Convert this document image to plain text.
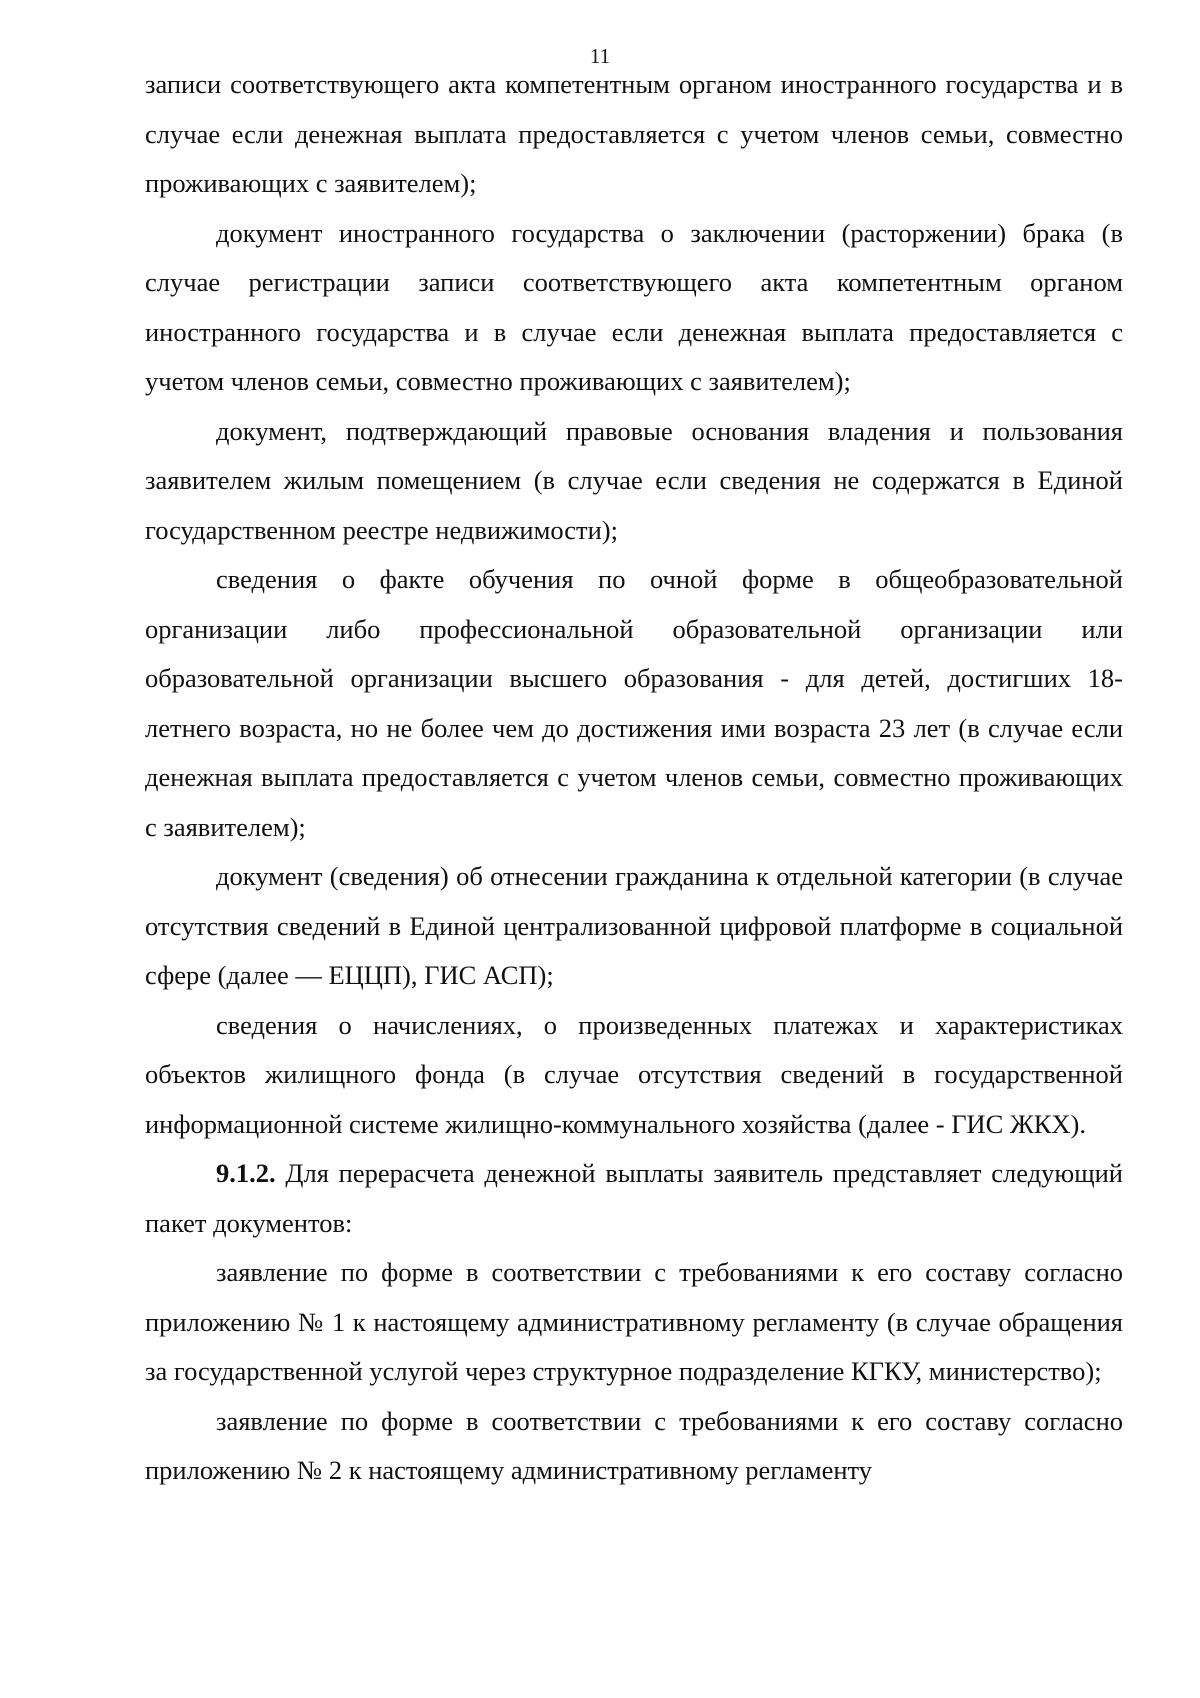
11

записи соответствующего акта компетентным органом иностранного государства и в случае если денежная выплата предоставляется с учетом членов семьи, совместно проживающих с заявителем);

документ иностранного государства о заключении (расторжении) брака (в случае регистрации записи соответствующего акта компетентным органом иностранного государства и в случае если денежная выплата предоставляется с учетом членов семьи, совместно проживающих с заявителем);

документ, подтверждающий правовые основания владения и пользования заявителем жилым помещением (в случае если сведения не содержатся в Единой государственном реестре недвижимости);

сведения о факте обучения по очной форме в общеобразовательной организации либо профессиональной образовательной организации или образовательной организации высшего образования - для детей, достигших 18-летнего возраста, но не более чем до достижения ими возраста 23 лет (в случае если денежная выплата предоставляется с учетом членов семьи, совместно проживающих с заявителем);

документ (сведения) об отнесении гражданина к отдельной категории (в случае отсутствия сведений в Единой централизованной цифровой платформе в социальной сфере (далее — ЕЦЦП), ГИС АСП);

сведения о начислениях, о произведенных платежах и характеристиках объектов жилищного фонда (в случае отсутствия сведений в государственной информационной системе жилищно-коммунального хозяйства (далее - ГИС ЖКХ).

9.1.2. Для перерасчета денежной выплаты заявитель представляет следующий пакет документов:

заявление по форме в соответствии с требованиями к его составу согласно приложению № 1 к настоящему административному регламенту (в случае обращения за государственной услугой через структурное подразделение КГКУ, министерство);

заявление по форме в соответствии с требованиями к его составу согласно приложению № 2 к настоящему административному регламенту
